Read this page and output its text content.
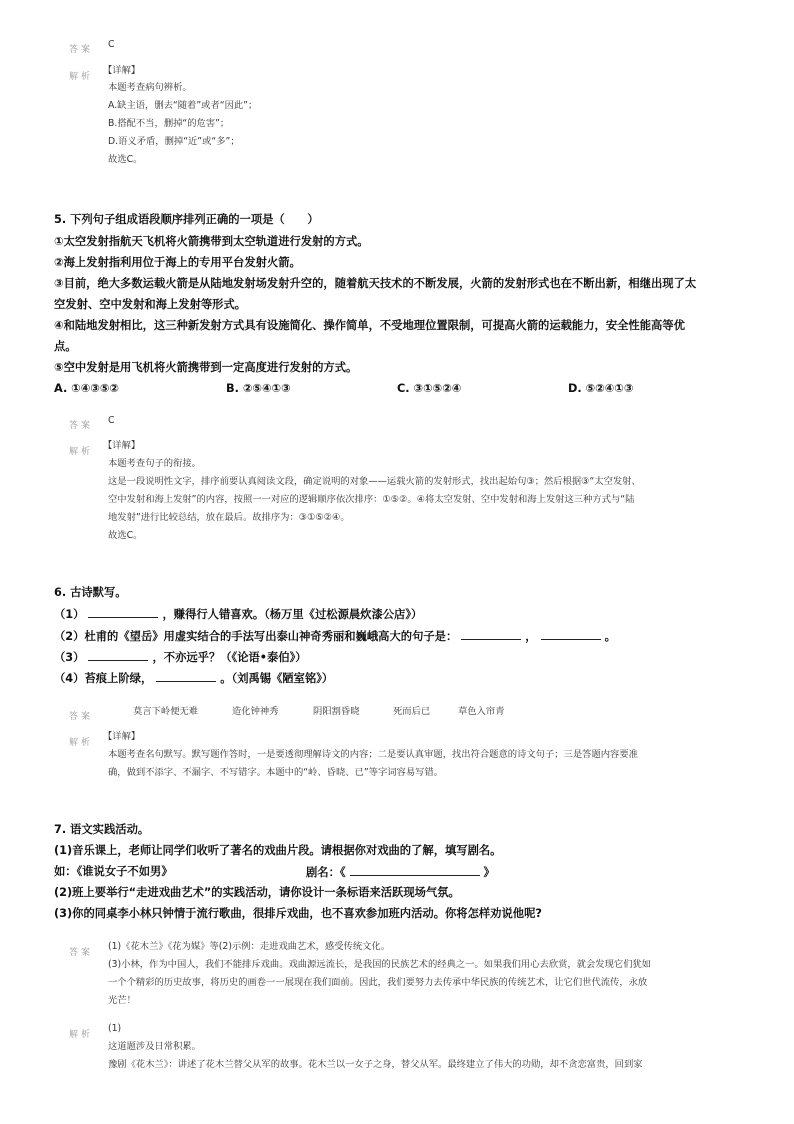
答案 C
解析
【详解】
本题考查病句辨析。
A.缺主语，删去“随着”或者“因此”；
B.搭配不当，删掉“的危害”；
D.语义矛盾，删掉“近”或“多”；
故选C。
5. 下列句子组成语段顺序排列正确的一项是（　　）
①太空发射指航天飞机将火箭携带到太空轨道进行发射的方式。
②海上发射指利用位于海上的专用平台发射火箭。
③目前，绝大多数运载火箭是从陆地发射场发射升空的，随着航天技术的不断发展，火箭的发射形式也在不断出新，相继出现了太
空发射、空中发射和海上发射等形式。
④和陆地发射相比，这三种新发射方式具有设施简化、操作简单，不受地理位置限制，可提高火箭的运载能力，安全性能高等优
点。
⑤空中发射是用飞机将火箭携带到一定高度进行发射的方式。
A. ①④③⑤②	B. ②⑤④①③	C. ③①⑤②④	D. ⑤②④①③
答案 C
解析
【详解】
本题考查句子的衔接。
这是一段说明性文字，排序前要认真阅读文段，确定说明的对象——运载火箭的发射形式，找出起始句③；然后根据③“太空发射、
空中发射和海上发射”的内容，按照一一对应的逻辑顺序依次排序：①⑤②。④将太空发射、空中发射和海上发射这三种方式与“陆
地发射”进行比较总结，放在最后。故排序为：③①⑤②④。
故选C。
6. 古诗默写。
（1）	，赚得行人错喜欢。（杨万里《过松源晨炊漆公店》）
（2）杜甫的《望岳》用虚实结合的手法写出泰山神奇秀丽和巍峨高大的句子是：	，	。
（3）	，不亦远乎？（《论语•泰伯》）
（4）苔痕上阶绿，	。（刘禹锡《陋室铭》）
答案	莫言下岭便无难	造化钟神秀	阴阳割昏晓	死而后已	草色入帘青
解析
【详解】
本题考查名句默写。默写题作答时，一是要透彻理解诗文的内容；二是要认真审题，找出符合题意的诗文句子；三是答题内容要准
确，做到不添字、不漏字、不写错字。本题中的“岭、昏晓、已”等字词容易写错。
7. 语文实践活动。
(1)音乐课上，老师让同学们收听了著名的戏曲片段。请根据你对戏曲的了解，填写剧名。
如：《谁说女子不如男》	剧名：《	》
(2)班上要举行“走进戏曲艺术”的实践活动，请你设计一条标语来活跃现场气氛。
(3)你的同桌李小林只钟情于流行歌曲，很排斥戏曲，也不喜欢参加班内活动。你将怎样劝说他呢?
答案
(1)《花木兰》《花为媒》等(2)示例：走进戏曲艺术，感受传统文化。
(3)小林，作为中国人，我们不能排斥戏曲。戏曲源远流长，是我国的民族艺术的经典之一。如果我们用心去欣赏，就会发现它们犹如
一个个精彩的历史故事，将历史的画卷一一展现在我们面前。因此，我们要努力去传承中华民族的传统艺术，让它们世代流传，永放
光芒！
解析
(1)
这道题涉及日常积累。
豫剧《花木兰》：讲述了花木兰替父从军的故事。花木兰以一女子之身，替父从军。最终建立了伟大的功勋，却不贪恋富贵，回到家
